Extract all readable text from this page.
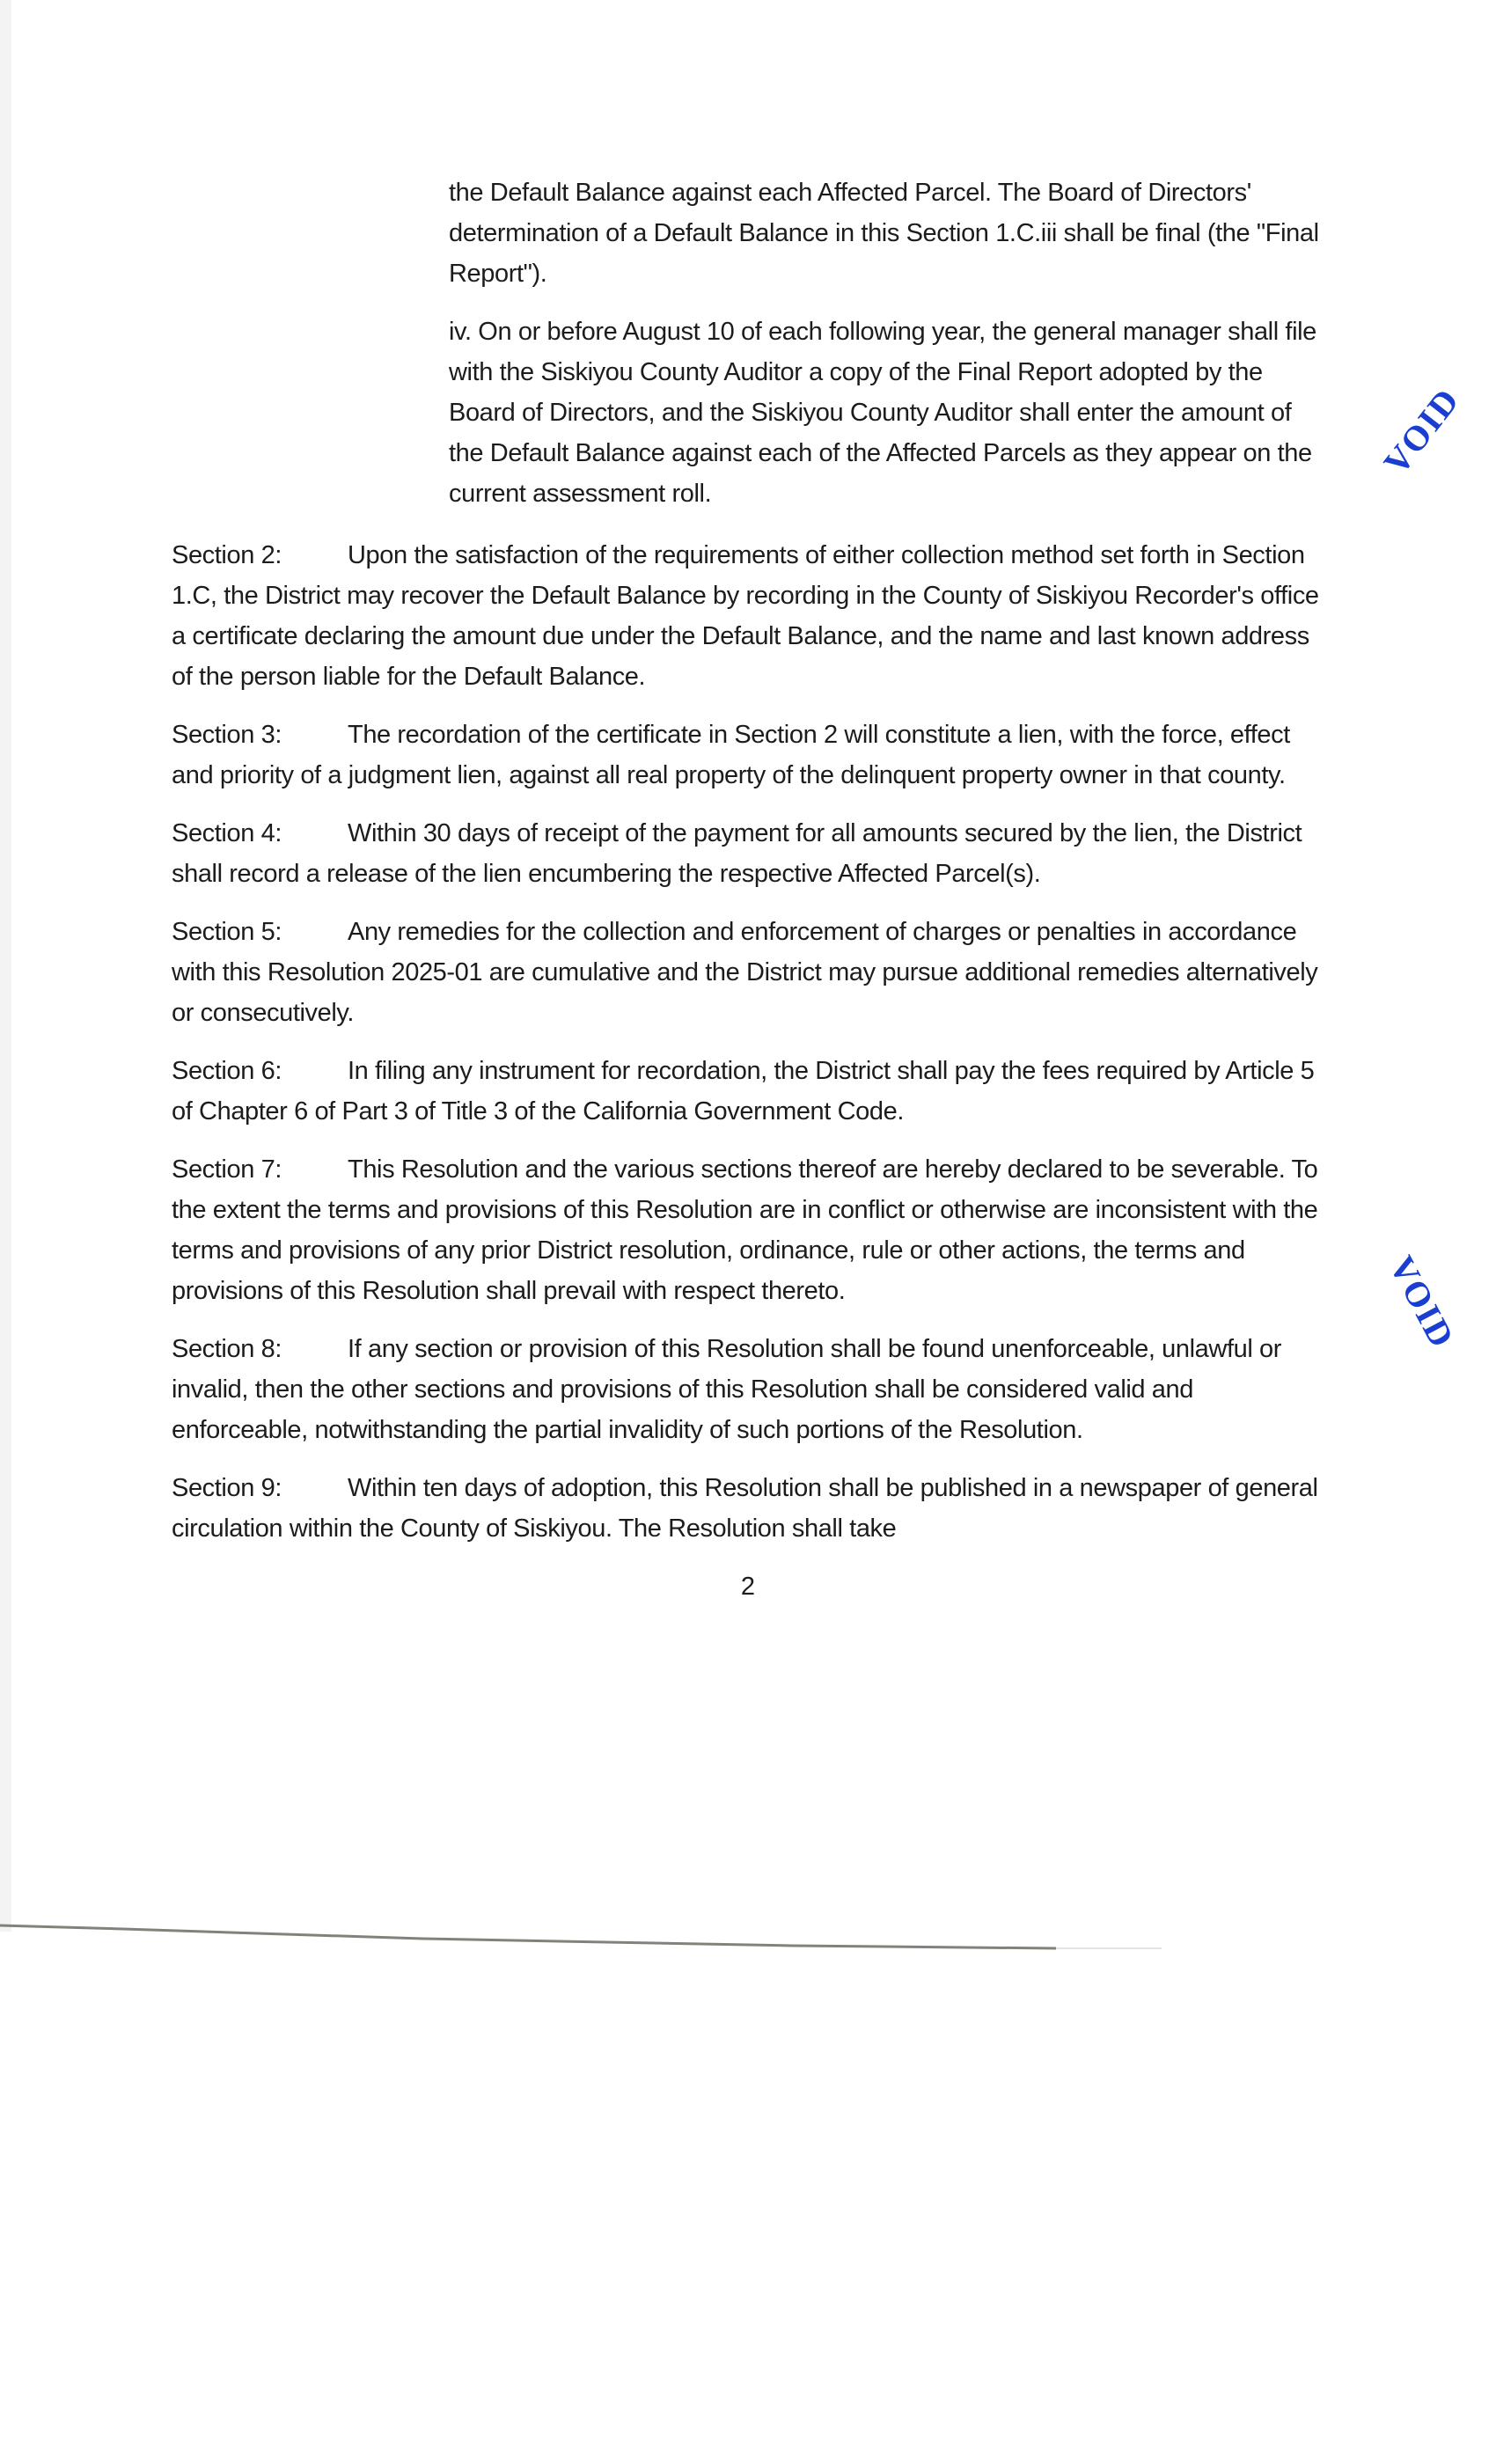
the Default Balance against each Affected Parcel. The Board of Directors' determination of a Default Balance in this Section 1.C.iii shall be final (the "Final Report").

iv. On or before August 10 of each following year, the general manager shall file with the Siskiyou County Auditor a copy of the Final Report adopted by the Board of Directors, and the Siskiyou County Auditor shall enter the amount of the Default Balance against each of the Affected Parcels as they appear on the current assessment roll.

Section 2:	Upon the satisfaction of the requirements of either collection method set forth in Section 1.C, the District may recover the Default Balance by recording in the County of Siskiyou Recorder's office a certificate declaring the amount due under the Default Balance, and the name and last known address of the person liable for the Default Balance.
Section 3:	The recordation of the certificate in Section 2 will constitute a lien, with the force, effect and priority of a judgment lien, against all real property of the delinquent property owner in that county.
Section 4:	Within 30 days of receipt of the payment for all amounts secured by the lien, the District shall record a release of the lien encumbering the respective Affected Parcel(s).
Section 5:	Any remedies for the collection and enforcement of charges or penalties in accordance with this Resolution 2025-01 are cumulative and the District may pursue additional remedies alternatively or consecutively.
Section 6:	In filing any instrument for recordation, the District shall pay the fees required by Article 5 of Chapter 6 of Part 3 of Title 3 of the California Government Code.
Section 7:	This Resolution and the various sections thereof are hereby declared to be severable. To the extent the terms and provisions of this Resolution are in conflict or otherwise are inconsistent with the terms and provisions of any prior District resolution, ordinance, rule or other actions, the terms and provisions of this Resolution shall prevail with respect thereto.
Section 8:	If any section or provision of this Resolution shall be found unenforceable, unlawful or invalid, then the other sections and provisions of this Resolution shall be considered valid and enforceable, notwithstanding the partial invalidity of such portions of the Resolution.
Section 9:	Within ten days of adoption, this Resolution shall be published in a newspaper of general circulation within the County of Siskiyou. The Resolution shall take
2
VOID
VOID
